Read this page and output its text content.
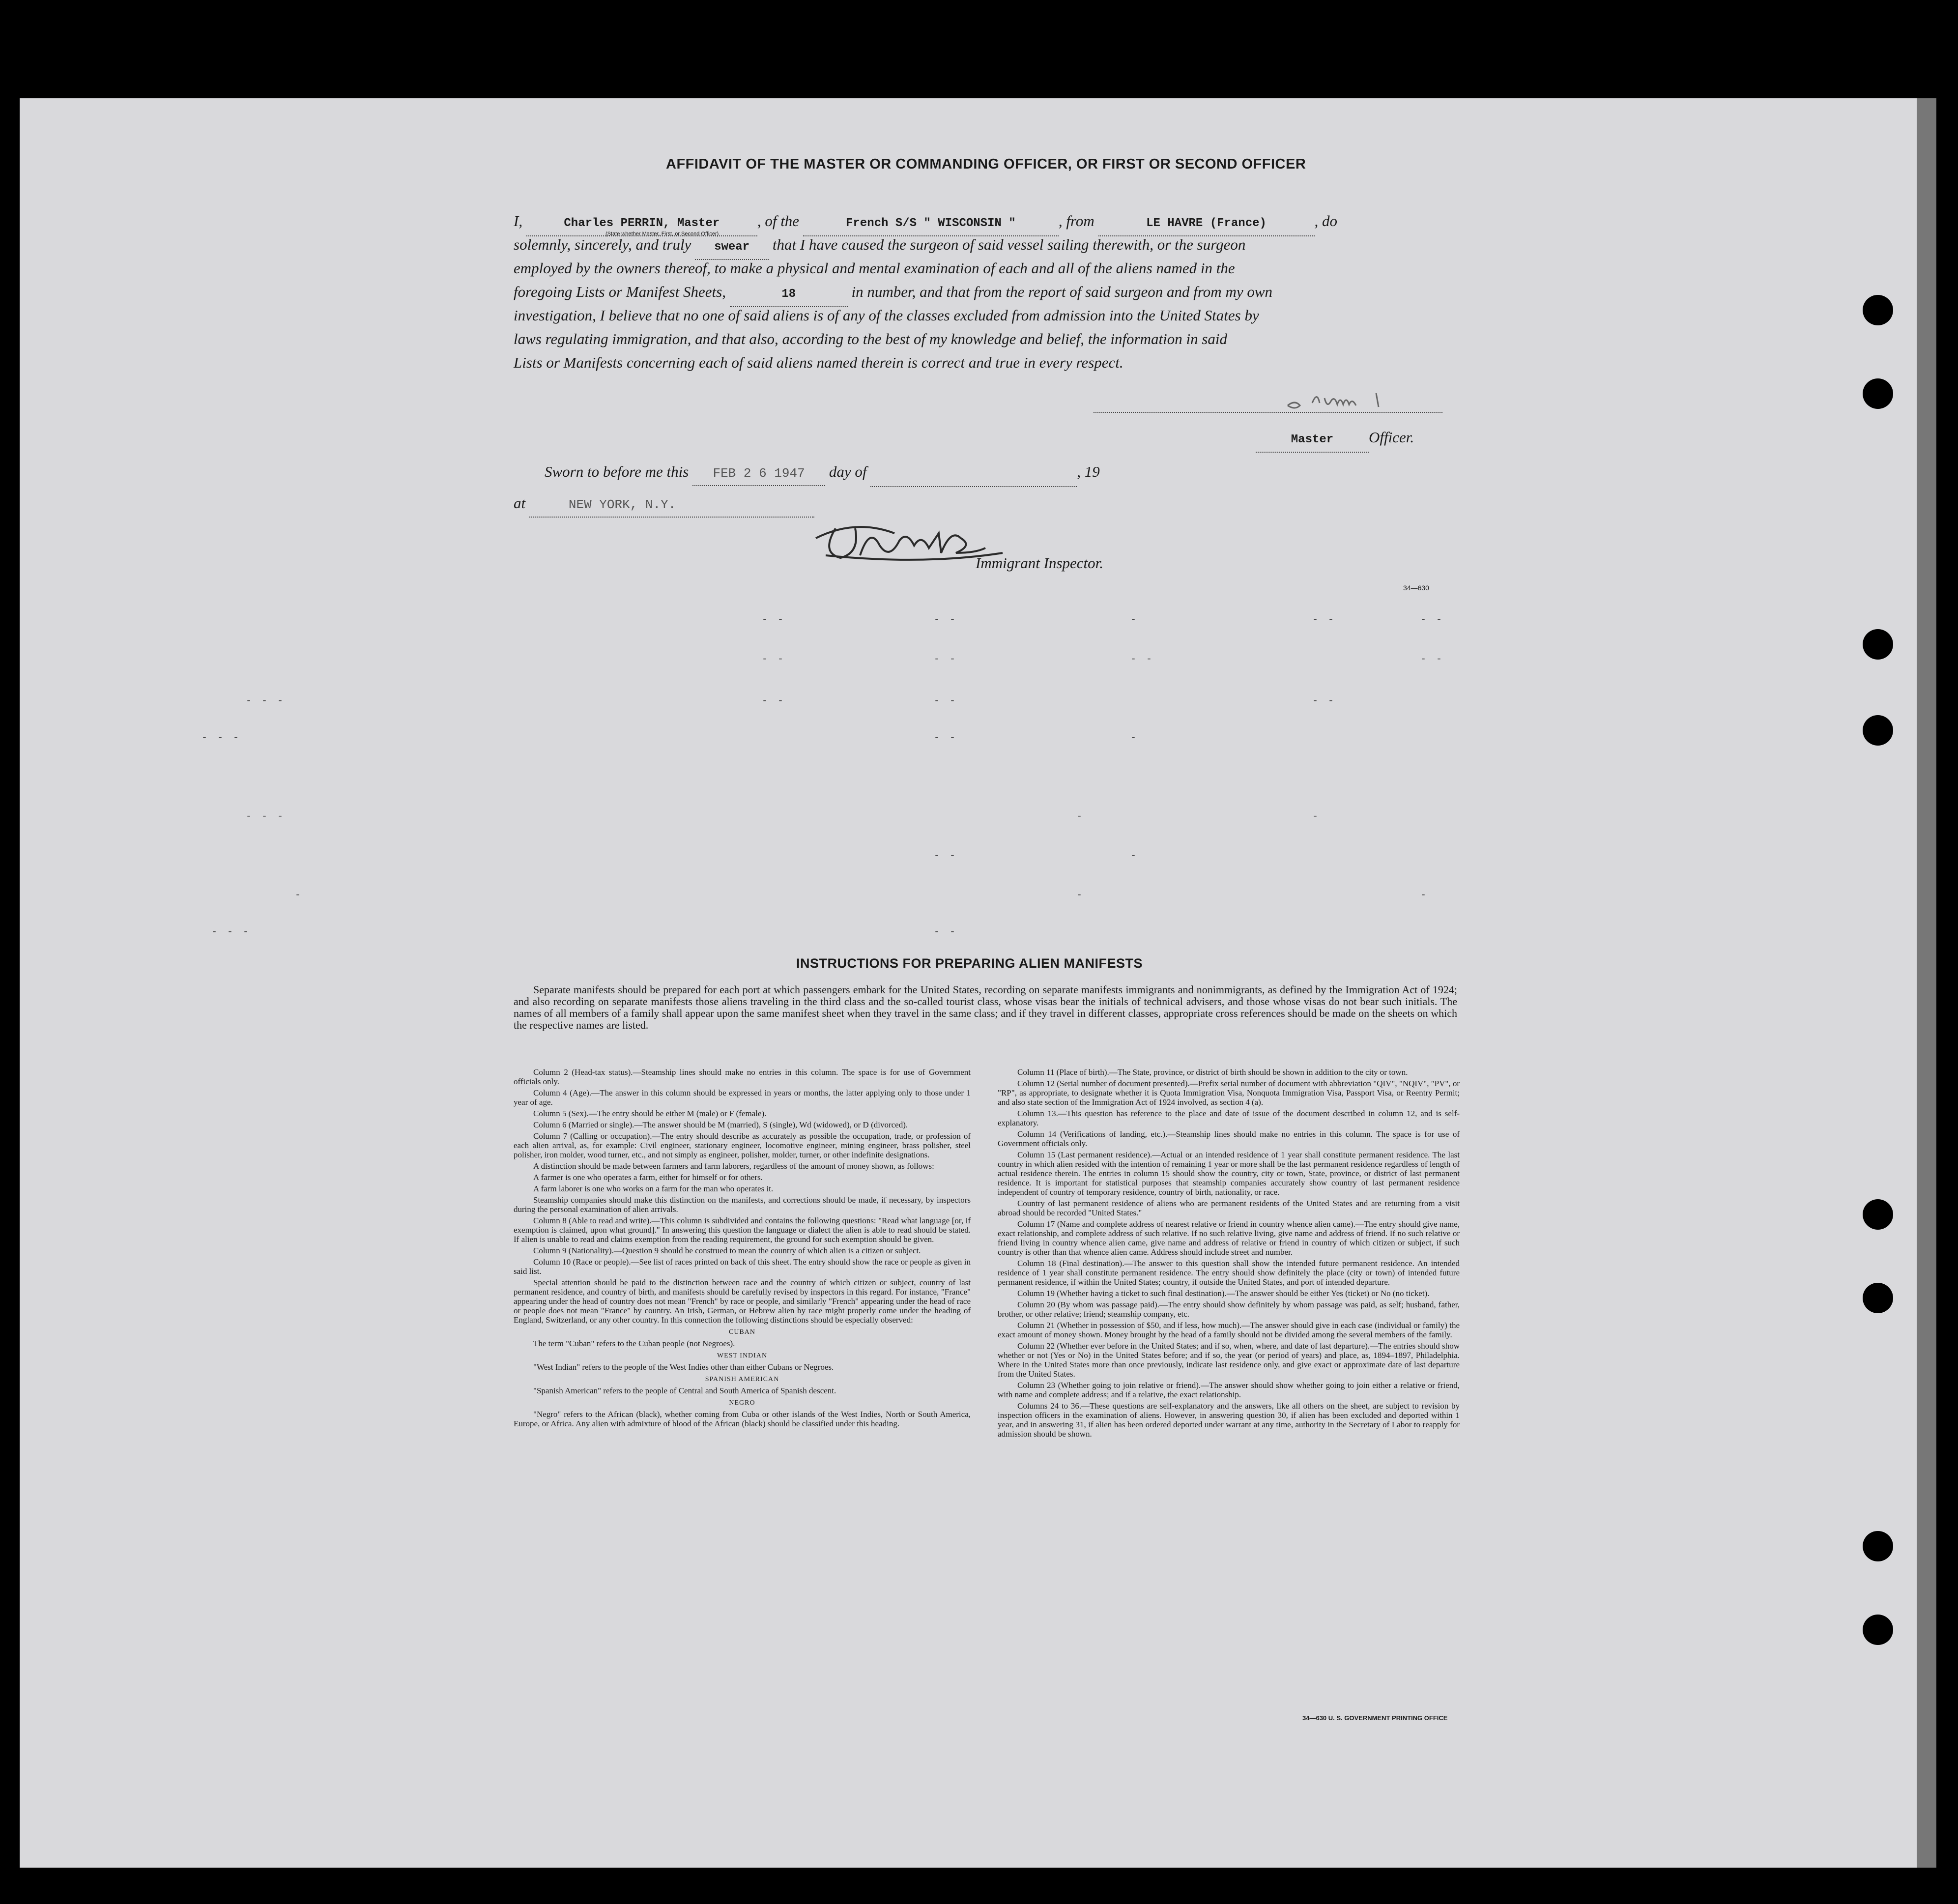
AFFIDAVIT OF THE MASTER OR COMMANDING OFFICER, OR FIRST OR SECOND OFFICER
I,	Charles PERRIN, Master , of the	French S/S " WISCONSIN "	, from	LE HAVRE (France)	, do
(State whether Master, First, or Second Officer)
solemnly, sincerely, and truly swear that I have caused the surgeon of said vessel sailing therewith, or the surgeon
employed by the owners thereof, to make a physical and mental examination of each and all of the aliens named in the
foregoing Lists or Manifest Sheets,	18	in number, and that from the report of said surgeon and from my own
investigation, I believe that no one of said aliens is of any of the classes excluded from admission into the United States by
laws regulating immigration, and that also, according to the best of my knowledge and belief, the information in said
Lists or Manifests concerning each of said aliens named therein is correct and true in every respect.
Master Officer.
Sworn to before me this FEB 2 6 1947 day of	, 19
at	NEW YORK, N.Y.
Immigrant Inspector.
34—630
- -	- -	-	- -	- -
- -	- -	- -	- -
- - -	- -	- -	- -
- - -	- -	-
- - -	-	-
- -	-
-	-	-
- - -	- -
INSTRUCTIONS FOR PREPARING ALIEN MANIFESTS
Separate manifests should be prepared for each port at which passengers embark for the United States, recording on separate manifests immigrants and nonimmigrants, as defined by the Immigration Act of 1924; and also recording on separate manifests those aliens traveling in the third class and the so-called tourist class, whose visas bear the initials of technical advisers, and those whose visas do not bear such initials. The names of all members of a family shall appear upon the same manifest sheet when they travel in the same class; and if they travel in different classes, appropriate cross references should be made on the sheets on which the respective names are listed.

Column 2 (Head-tax status).—Steamship lines should make no entries in this column. The space is for use of Government officials only.

Column 4 (Age).—The answer in this column should be expressed in years or months, the latter applying only to those under 1 year of age.

Column 5 (Sex).—The entry should be either M (male) or F (female).

Column 6 (Married or single).—The answer should be M (married), S (single), Wd (widowed), or D (divorced).

Column 7 (Calling or occupation).—The entry should describe as accurately as possible the occupation, trade, or profession of each alien arrival, as, for example: Civil engineer, stationary engineer, locomotive engineer, mining engineer, brass polisher, steel polisher, iron molder, wood turner, etc., and not simply as engineer, polisher, molder, turner, or other indefinite designations.

A distinction should be made between farmers and farm laborers, regardless of the amount of money shown, as follows:

A farmer is one who operates a farm, either for himself or for others.

A farm laborer is one who works on a farm for the man who operates it.

Steamship companies should make this distinction on the manifests, and corrections should be made, if necessary, by inspectors during the personal examination of alien arrivals.

Column 8 (Able to read and write).—This column is subdivided and contains the following questions: "Read what language [or, if exemption is claimed, upon what ground]." In answering this question the language or dialect the alien is able to read should be stated. If alien is unable to read and claims exemption from the reading requirement, the ground for such exemption should be given.

Column 9 (Nationality).—Question 9 should be construed to mean the country of which alien is a citizen or subject.

Column 10 (Race or people).—See list of races printed on back of this sheet. The entry should show the race or people as given in said list.

Special attention should be paid to the distinction between race and the country of which citizen or subject, country of last permanent residence, and country of birth, and manifests should be carefully revised by inspectors in this regard. For instance, "France" appearing under the head of country does not mean "French" by race or people, and similarly "French" appearing under the head of race or people does not mean "France" by country. An Irish, German, or Hebrew alien by race might properly come under the heading of England, Switzerland, or any other country. In this connection the following distinctions should be especially observed:

CUBAN

The term "Cuban" refers to the Cuban people (not Negroes).

WEST INDIAN

"West Indian" refers to the people of the West Indies other than either Cubans or Negroes.

SPANISH AMERICAN

"Spanish American" refers to the people of Central and South America of Spanish descent.

NEGRO

"Negro" refers to the African (black), whether coming from Cuba or other islands of the West Indies, North or South America, Europe, or Africa. Any alien with admixture of blood of the African (black) should be classified under this heading.

Column 11 (Place of birth).—The State, province, or district of birth should be shown in addition to the city or town.

Column 12 (Serial number of document presented).—Prefix serial number of document with abbreviation "QIV", "NQIV", "PV", or "RP", as appropriate, to designate whether it is Quota Immigration Visa, Nonquota Immigration Visa, Passport Visa, or Reentry Permit; and also state section of the Immigration Act of 1924 involved, as section 4 (a).

Column 13.—This question has reference to the place and date of issue of the document described in column 12, and is self-explanatory.

Column 14 (Verifications of landing, etc.).—Steamship lines should make no entries in this column. The space is for use of Government officials only.

Column 15 (Last permanent residence).—Actual or an intended residence of 1 year shall constitute permanent residence. The last country in which alien resided with the intention of remaining 1 year or more shall be the last permanent residence regardless of length of actual residence therein. The entries in column 15 should show the country, city or town, State, province, or district of last permanent residence. It is important for statistical purposes that steamship companies accurately show country of last permanent residence independent of country of temporary residence, country of birth, nationality, or race.

Country of last permanent residence of aliens who are permanent residents of the United States and are returning from a visit abroad should be recorded "United States."

Column 17 (Name and complete address of nearest relative or friend in country whence alien came).—The entry should give name, exact relationship, and complete address of such relative. If no such relative living, give name and address of friend. If no such relative or friend living in country whence alien came, give name and address of relative or friend in country of which citizen or subject, if such country is other than that whence alien came. Address should include street and number.

Column 18 (Final destination).—The answer to this question shall show the intended future permanent residence. An intended residence of 1 year shall constitute permanent residence. The entry should show definitely the place (city or town) of intended future permanent residence, if within the United States; country, if outside the United States, and port of intended departure.

Column 19 (Whether having a ticket to such final destination).—The answer should be either Yes (ticket) or No (no ticket).

Column 20 (By whom was passage paid).—The entry should show definitely by whom passage was paid, as self; husband, father, brother, or other relative; friend; steamship company, etc.

Column 21 (Whether in possession of $50, and if less, how much).—The answer should give in each case (individual or family) the exact amount of money shown. Money brought by the head of a family should not be divided among the several members of the family.

Column 22 (Whether ever before in the United States; and if so, when, where, and date of last departure).—The entries should show whether or not (Yes or No) in the United States before; and if so, the year (or period of years) and place, as, 1894–1897, Philadelphia. Where in the United States more than once previously, indicate last residence only, and give exact or approximate date of last departure from the United States.

Column 23 (Whether going to join relative or friend).—The answer should show whether going to join either a relative or friend, with name and complete address; and if a relative, the exact relationship.

Columns 24 to 36.—These questions are self-explanatory and the answers, like all others on the sheet, are subject to revision by inspection officers in the examination of aliens. However, in answering question 30, if alien has been excluded and deported within 1 year, and in answering 31, if alien has been ordered deported under warrant at any time, authority in the Secretary of Labor to reapply for admission should be shown.

34—630 U. S. GOVERNMENT PRINTING OFFICE
